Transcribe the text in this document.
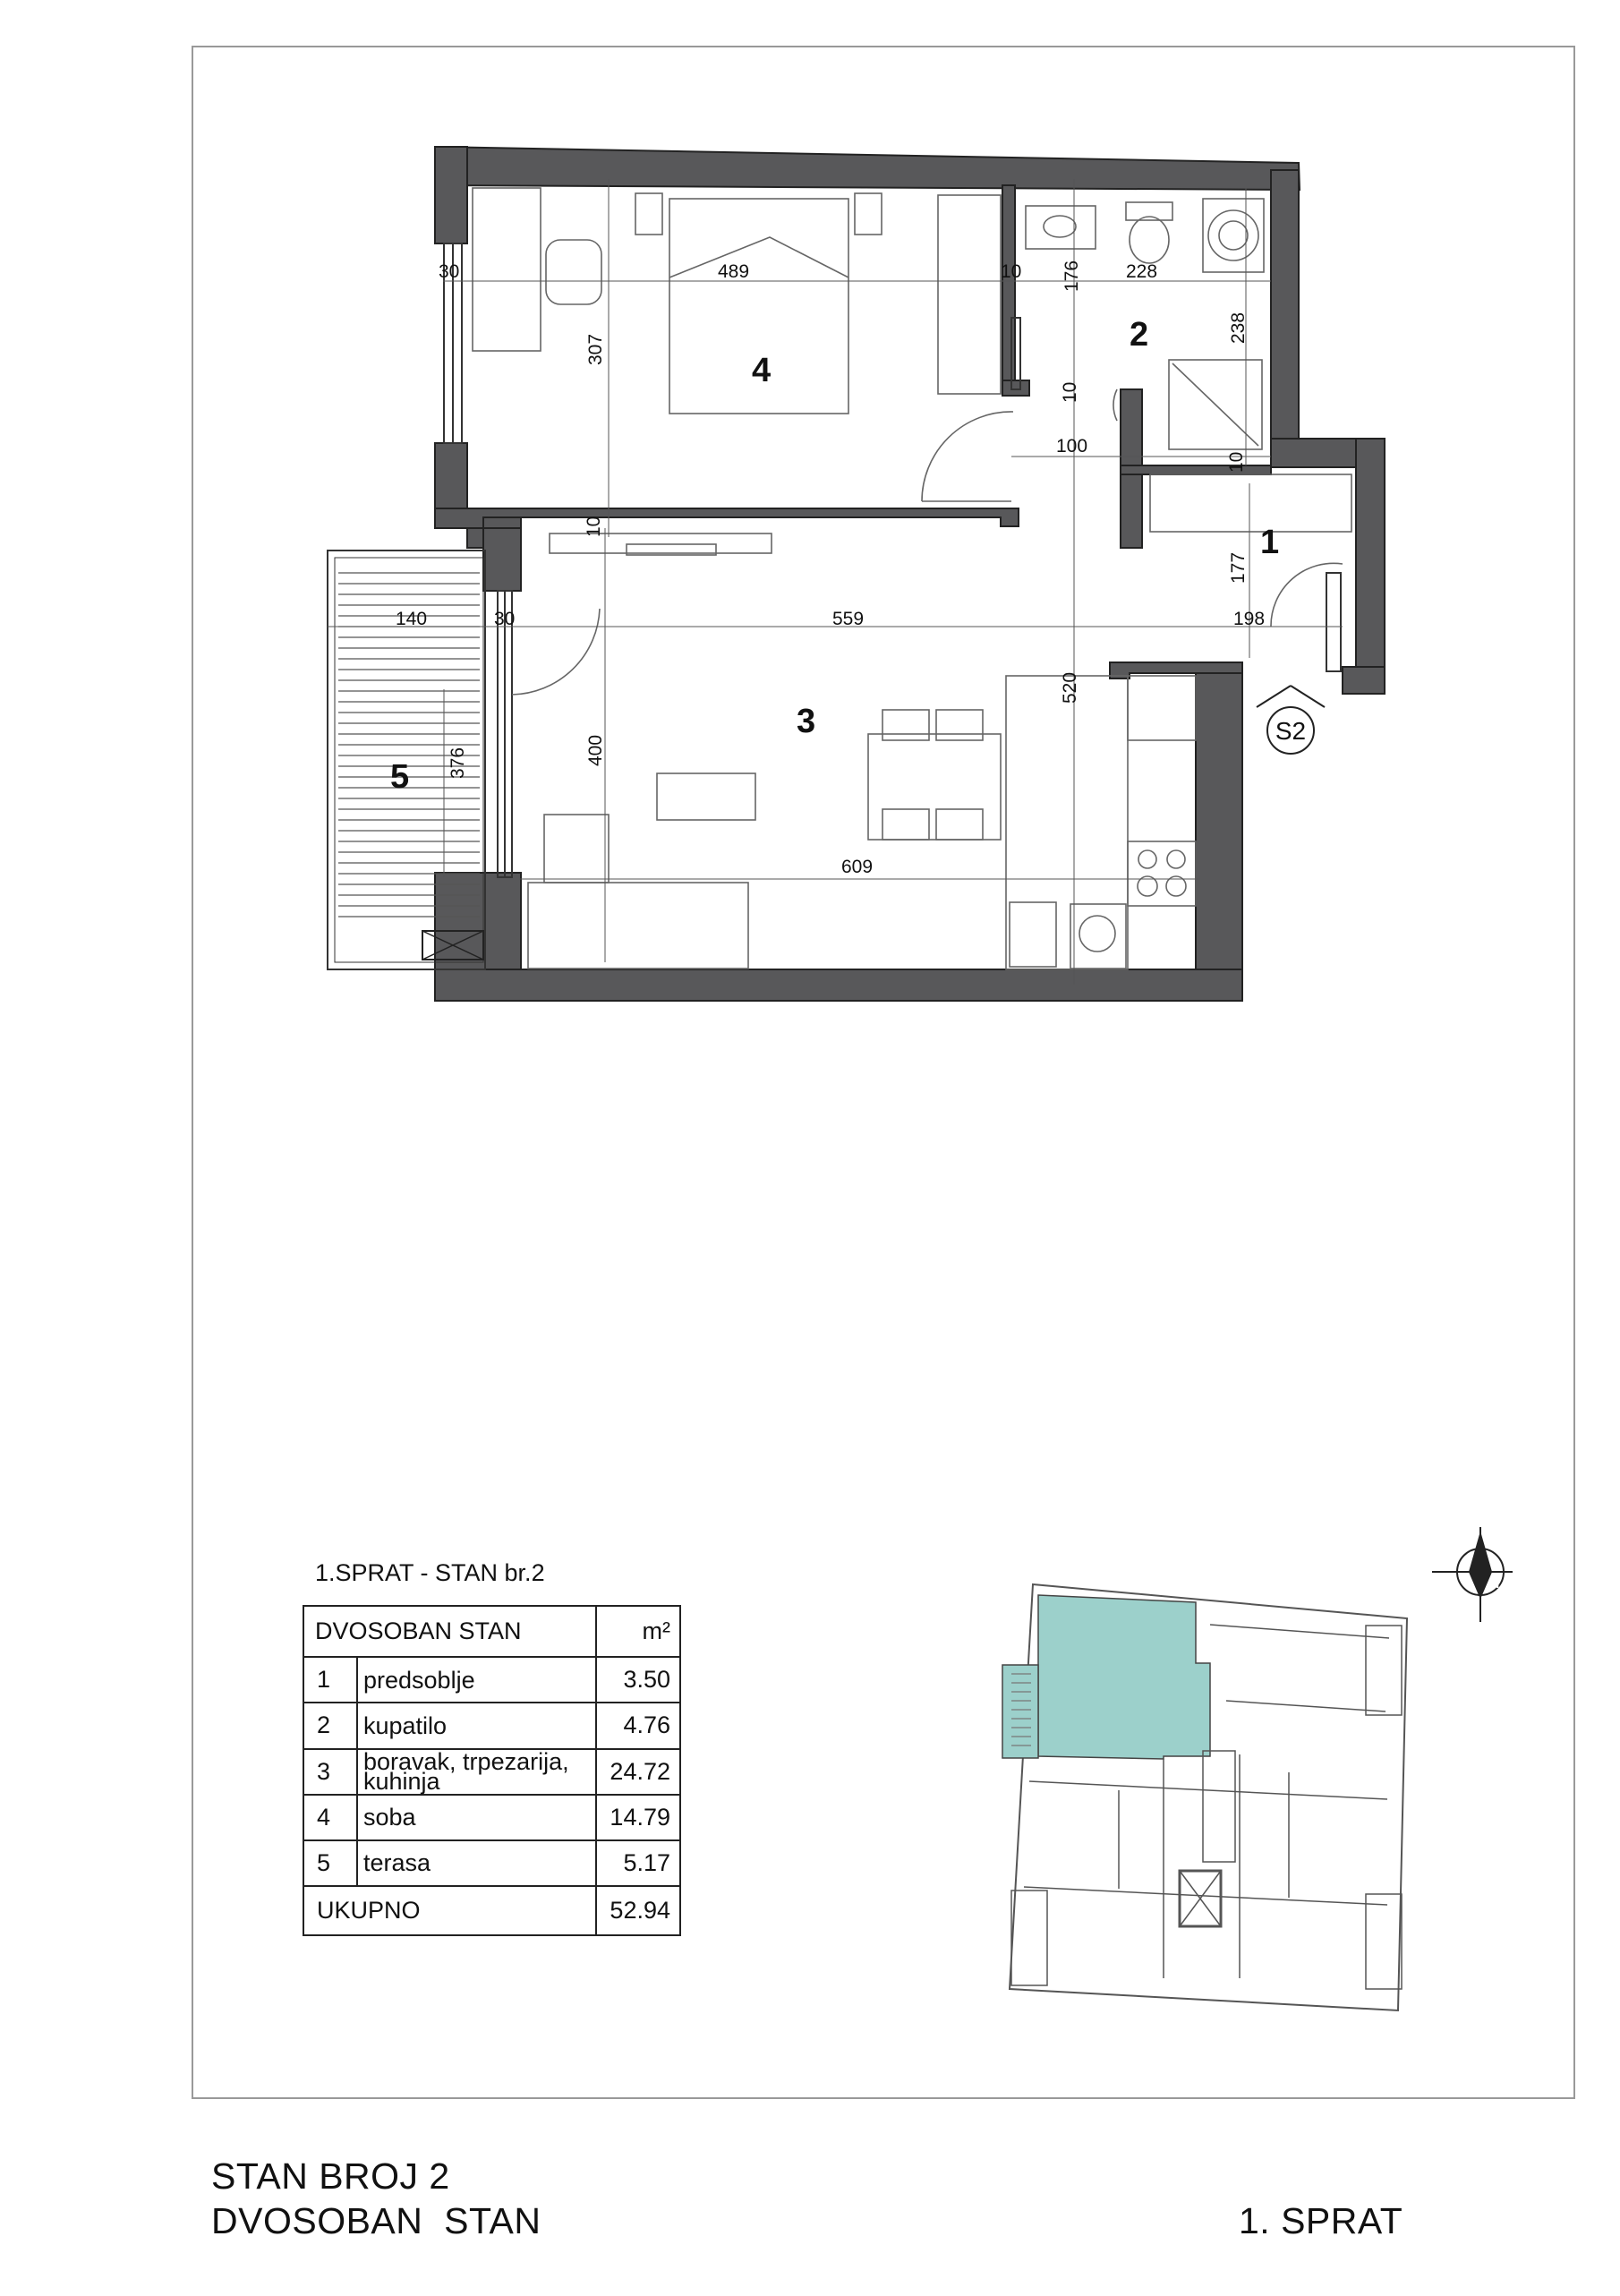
30	489	10 176 228
238
307
10
100
10
10
177
140	30	559	198
520
400
376
609
1
2
3
4
5
S2
N
1.SPRAT - STAN br.2
DVOSOBAN STAN		m²
1	predsoblje	3.50
2	kupatilo	4.76
3	boravak, trpezarija,
kuhinja	24.72
4	soba	14.79
5	terasa	5.17
UKUPNO		52.94
STAN BROJ 2
DVOSOBAN  STAN	1. SPRAT
